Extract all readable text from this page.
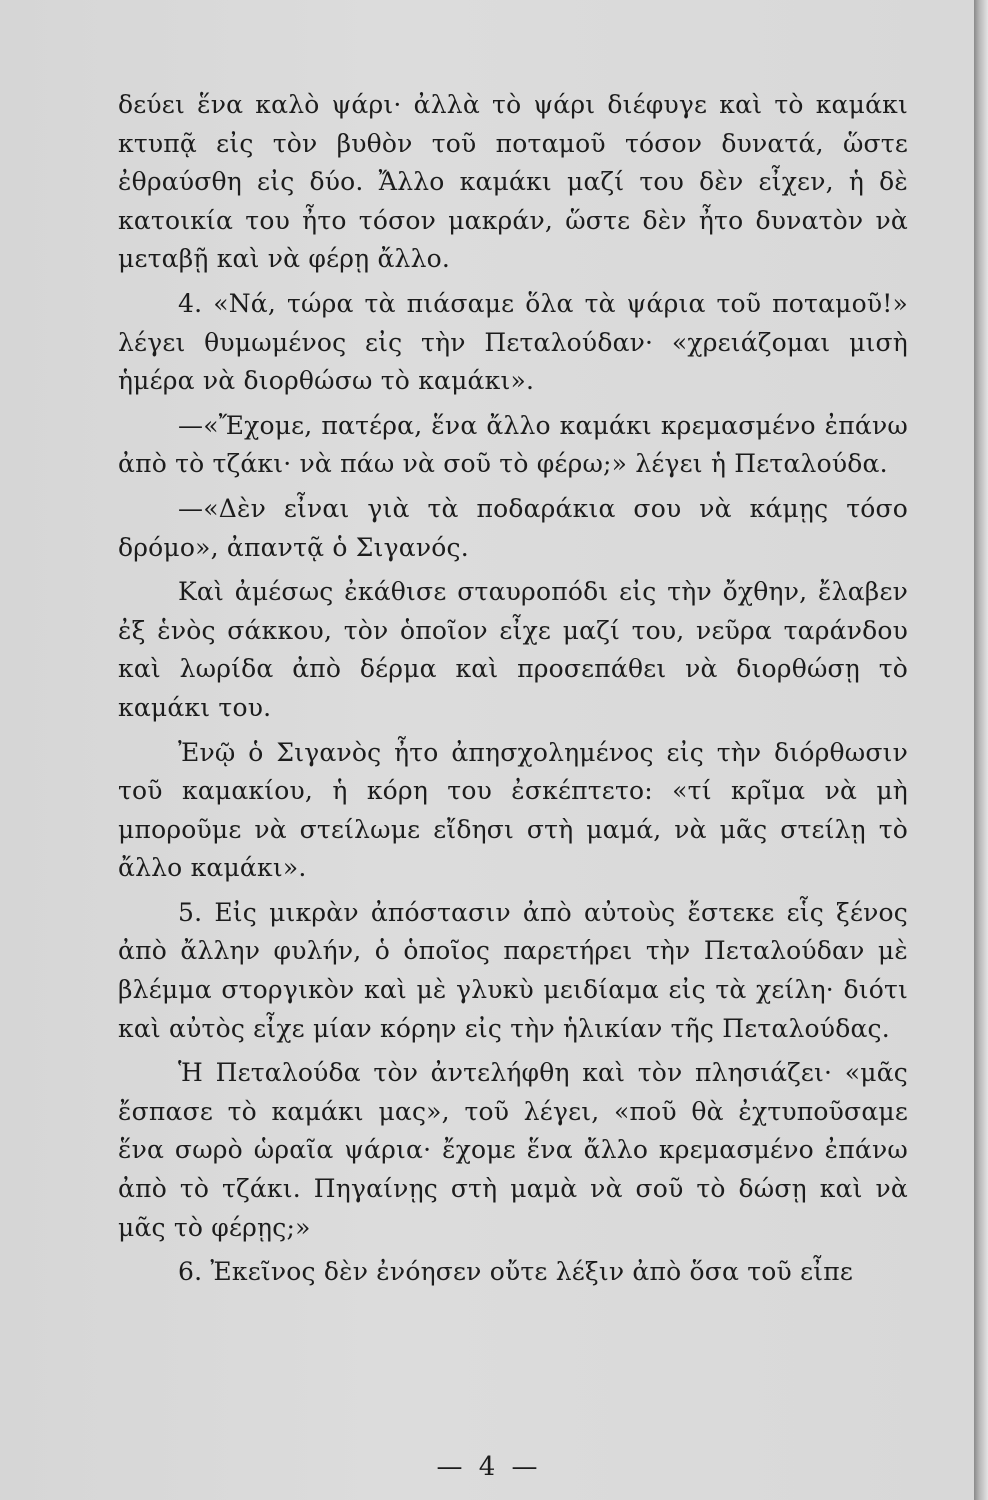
δεύει ἕνα καλὸ ψάρι· ἀλλὰ τὸ ψάρι διέφυγε καὶ τὸ καμάκι κτυπᾷ εἰς τὸν βυθὸν τοῦ ποταμοῦ τόσον δυνατά, ὥστε ἐθραύσθη εἰς δύο. Ἄλλο καμάκι μαζί του δὲν εἶχεν, ἡ δὲ κατοικία του ἦτο τόσον μακράν, ὥστε δὲν ἦτο δυνατὸν νὰ μεταβῇ καὶ νὰ φέρῃ ἄλλο.

4. «Νά, τώρα τὰ πιάσαμε ὅλα τὰ ψάρια τοῦ ποταμοῦ!» λέγει θυμωμένος εἰς τὴν Πεταλούδαν· «χρειάζομαι μισὴ ἡμέρα νὰ διορθώσω τὸ καμάκι».

—«Ἔχομε, πατέρα, ἕνα ἄλλο καμάκι κρεμασμένο ἐπάνω ἀπὸ τὸ τζάκι· νὰ πάω νὰ σοῦ τὸ φέρω;» λέγει ἡ Πεταλούδα.

—«Δὲν εἶναι γιὰ τὰ ποδαράκια σου νὰ κάμῃς τόσο δρόμο», ἀπαντᾷ ὁ Σιγανός.

Καὶ ἀμέσως ἐκάθισε σταυροπόδι εἰς τὴν ὄχθην, ἔλαβεν ἐξ ἑνὸς σάκκου, τὸν ὁποῖον εἶχε μαζί του, νεῦρα ταράνδου καὶ λωρίδα ἀπὸ δέρμα καὶ προσεπάθει νὰ διορθώσῃ τὸ καμάκι του.

Ἐνῷ ὁ Σιγανὸς ἦτο ἀπησχολημένος εἰς τὴν διόρθωσιν τοῦ καμακίου, ἡ κόρη του ἐσκέπτετο: «τί κρῖμα νὰ μὴ μποροῦμε νὰ στείλωμε εἴδησι στὴ μαμά, νὰ μᾶς στείλῃ τὸ ἄλλο καμάκι».

5. Εἰς μικρὰν ἀπόστασιν ἀπὸ αὐτοὺς ἔστεκε εἷς ξένος ἀπὸ ἄλλην φυλήν, ὁ ὁποῖος παρετήρει τὴν Πεταλούδαν μὲ βλέμμα στοργικὸν καὶ μὲ γλυκὺ μειδίαμα εἰς τὰ χείλη· διότι καὶ αὐτὸς εἶχε μίαν κόρην εἰς τὴν ἡλικίαν τῆς Πεταλούδας.

Ἡ Πεταλούδα τὸν ἀντελήφθη καὶ τὸν πλησιάζει· «μᾶς ἔσπασε τὸ καμάκι μας», τοῦ λέγει, «ποῦ θὰ ἐχτυποῦσαμε ἕνα σωρὸ ὡραῖα ψάρια· ἔχομε ἕνα ἄλλο κρεμασμένο ἐπάνω ἀπὸ τὸ τζάκι. Πηγαίνῃς στὴ μαμὰ νὰ σοῦ τὸ δώσῃ καὶ νὰ μᾶς τὸ φέρῃς;»

6. Ἐκεῖνος δὲν ἐνόησεν οὔτε λέξιν ἀπὸ ὅσα τοῦ εἶπε

— 4 —
